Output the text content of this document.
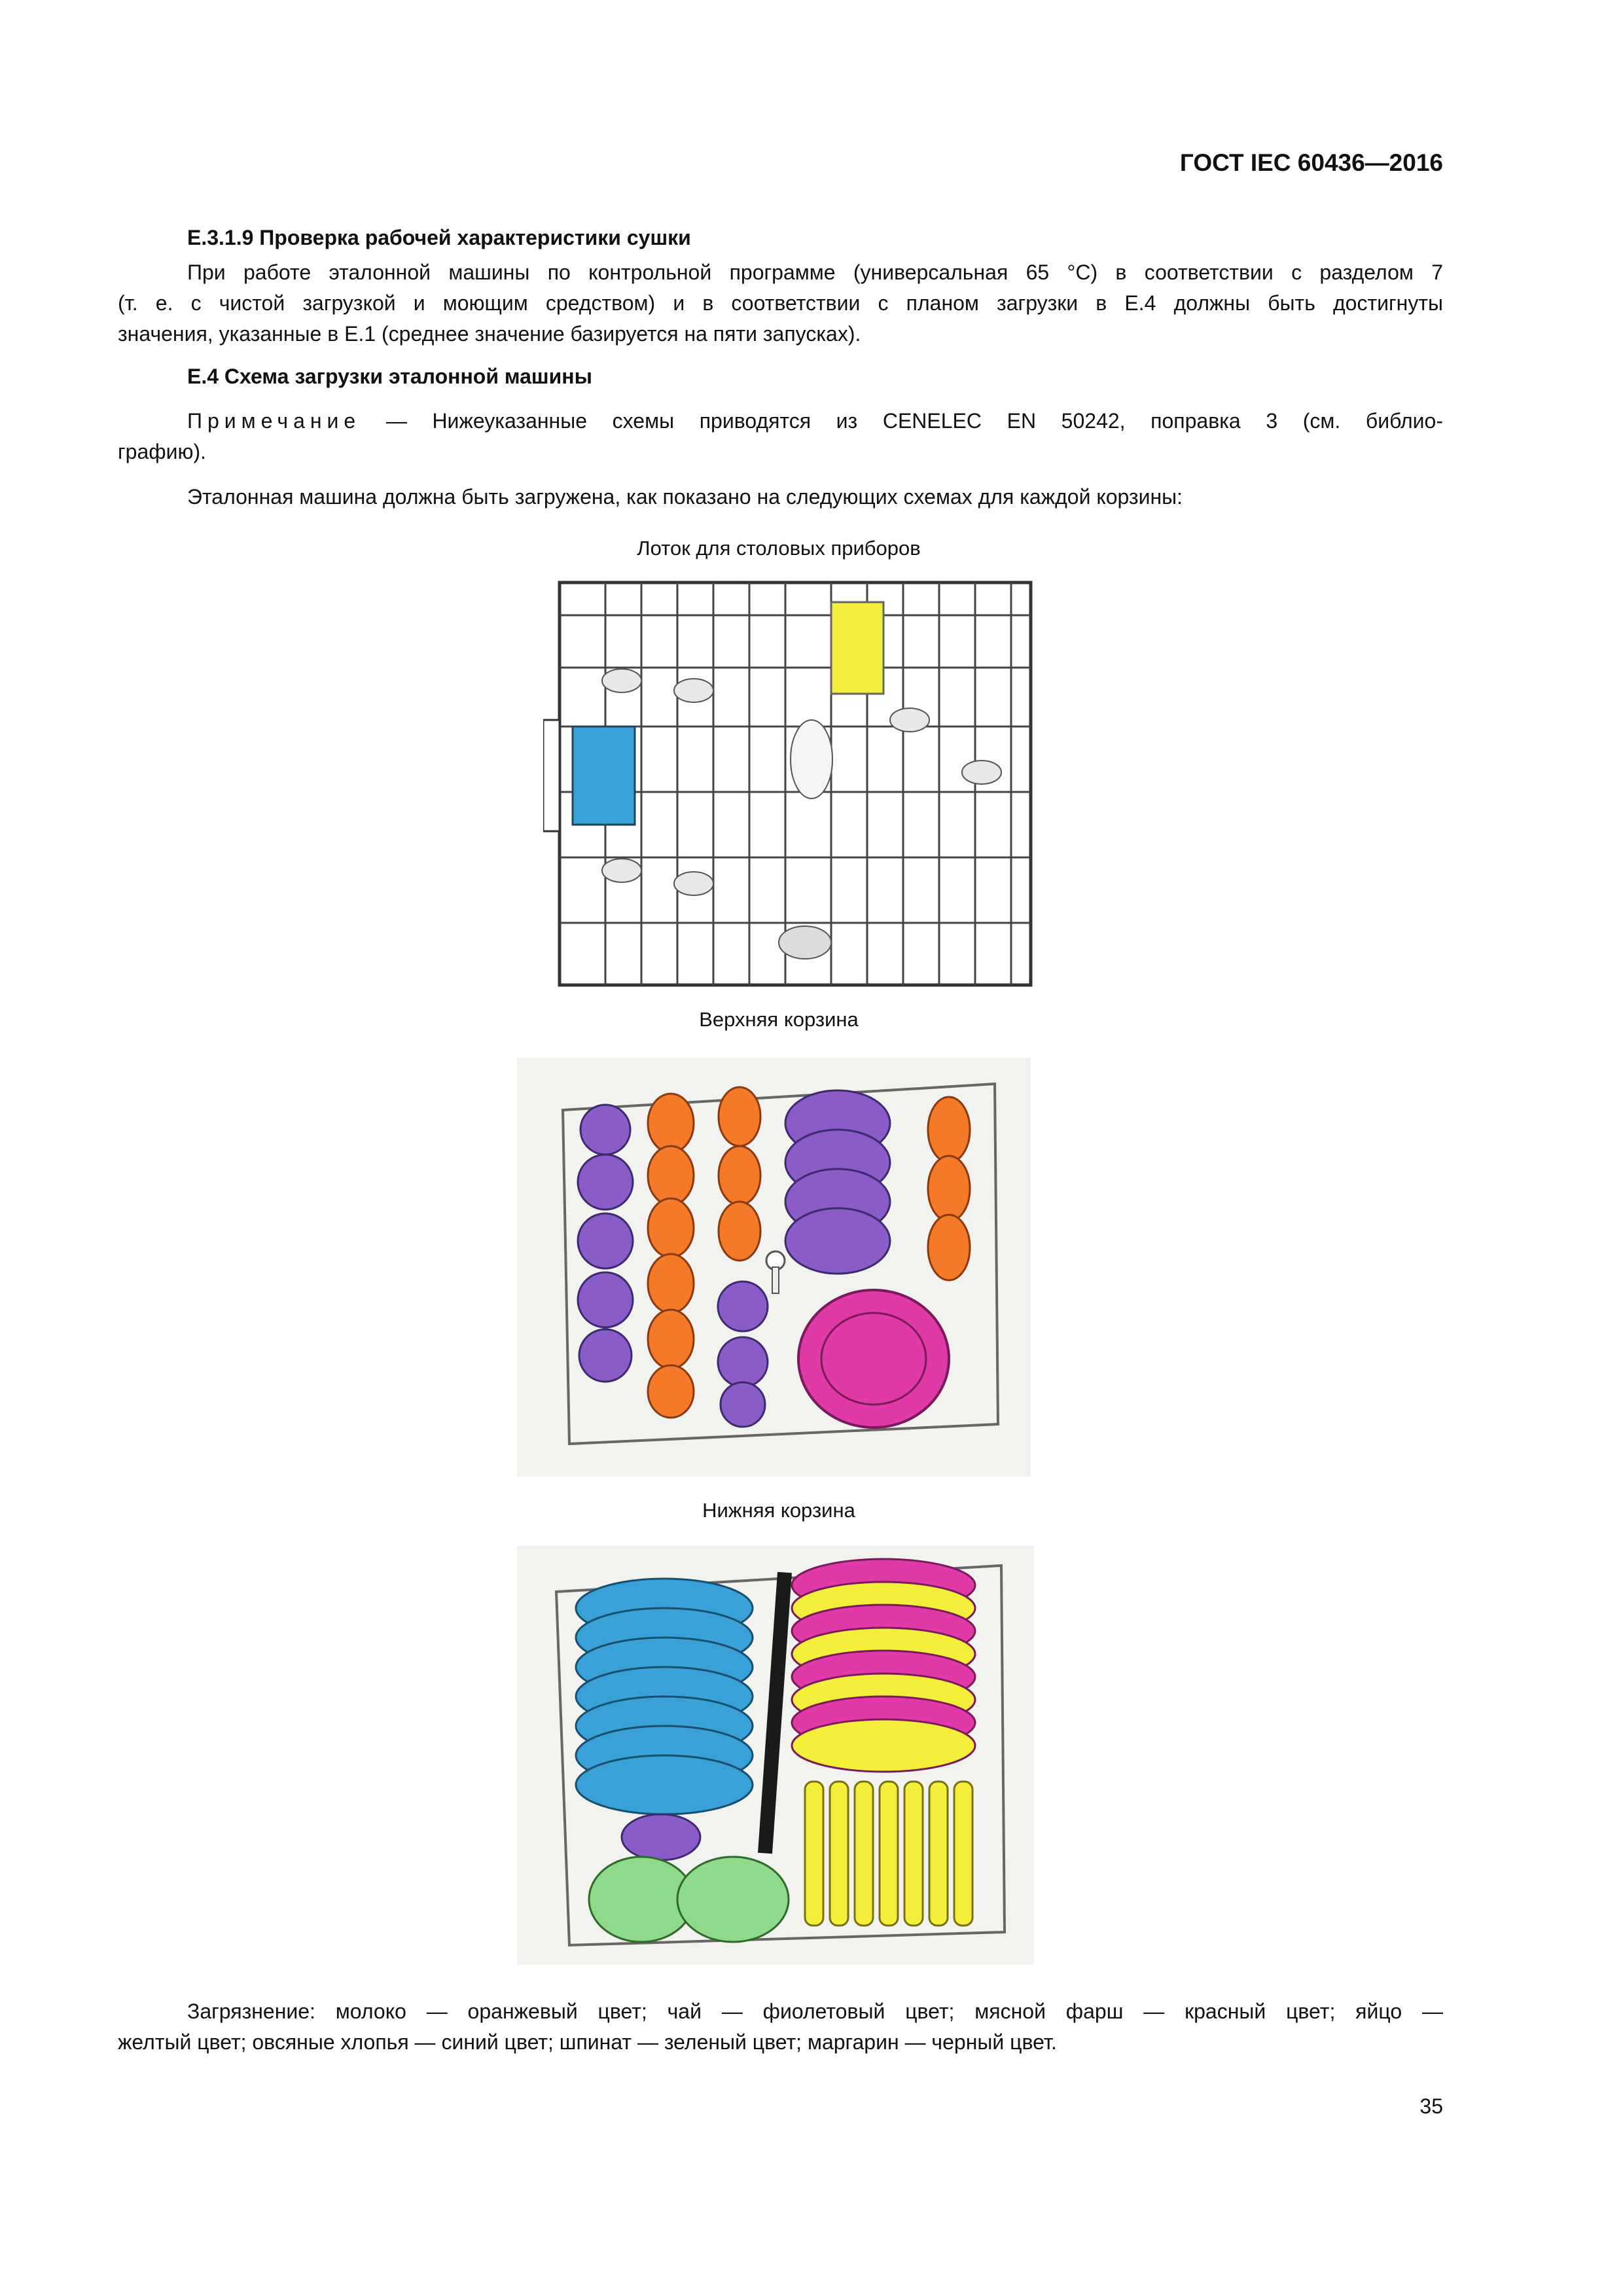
ГОСТ IEC 60436—2016
E.3.1.9 Проверка рабочей характеристики сушки
При работе эталонной машины по контрольной программе (универсальная 65 °C) в соответствии с разделом 7
(т. е. с чистой загрузкой и моющим средством) и в соответствии с планом загрузки в E.4 должны быть достигнуты
значения, указанные в E.1 (среднее значение базируется на пяти запусках).
E.4 Схема загрузки эталонной машины
Примечание — Нижеуказанные схемы приводятся из CENELEC EN 50242, поправка 3 (см. библио-
графию).
Эталонная машина должна быть загружена, как показано на следующих схемах для каждой корзины:
Лоток для столовых приборов
Верхняя корзина
Нижняя корзина
Загрязнение: молоко — оранжевый цвет; чай — фиолетовый цвет; мясной фарш — красный цвет; яйцо —
желтый цвет; овсяные хлопья — синий цвет; шпинат — зеленый цвет; маргарин — черный цвет.
35
